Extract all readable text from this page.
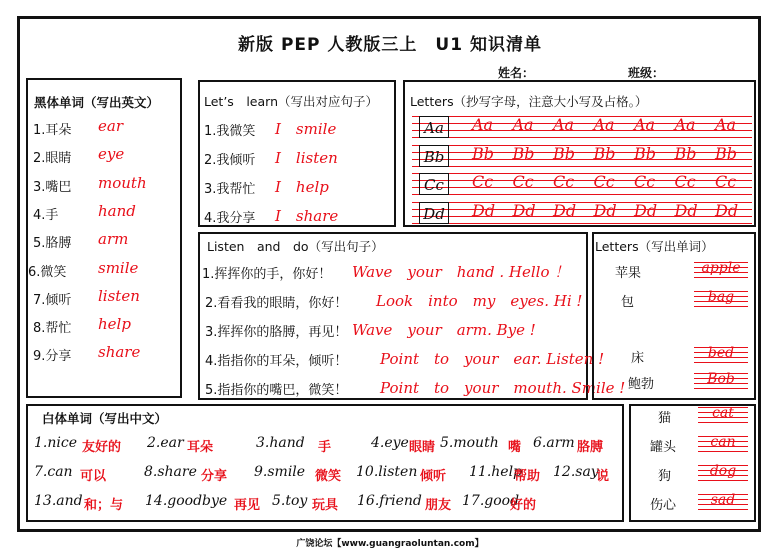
新版 PEP 人教版三上　U1 知识清单
姓名：	班级：
黑体单词（写出英文）
1.耳朵 ear
2.眼睛 eye
3.嘴巴 mouth
4.手	hand
5.胳膊 arm
6.微笑 smile
7.倾听 listen
8.帮忙 help
9.分享 share
Let’s　learn（写出对应句子）
1.我微笑 I　smile
2.我倾听 I　listen
3.我帮忙 I　help
4.我分享 I　share
Letters（抄写字母，注意大小写及占格。）
Aa	Aa Aa Aa Aa Aa Aa Aa
Bb Bb Bb Bb Bb Bb Bb Bb
Cc	Cc Cc Cc Cc Cc Cc Cc
Dd Dd Dd Dd Dd Dd Dd Dd
Listen　and　do（写出句子）
1.挥挥你的手，你好！ Wave　your　hand . Hello ！
2.看看我的眼睛，你好！ Look　into　my　eyes. Hi !
3.挥挥你的胳膊，再见！ Wave　your　arm. Bye !
4.指指你的耳朵，倾听！ Point　to　your　ear. Listen !
5.指指你的嘴巴，微笑！ Point　to　your　mouth. Smile !
Letters（写出单词）
苹果	apple
包	bag
床	bed
鲍勃	Bob
白体单词（写出中文）
1.nice 友好的 2.ear 耳朵	3.hand 手	4.eye 眼睛 5.mouth 嘴 6.arm 胳膊
7.can 可以	8.share 分享 9.smile 微笑 10.listen 倾听 11.help
帮助 12.say
说
13.and 和；与 14.goodbye 再见 5.toy 玩具 16.friend 朋友 17.good
好的
猫	cat
罐头	can
狗	dog
伤心	sad
广饶论坛【www.guangraoluntan.com】
